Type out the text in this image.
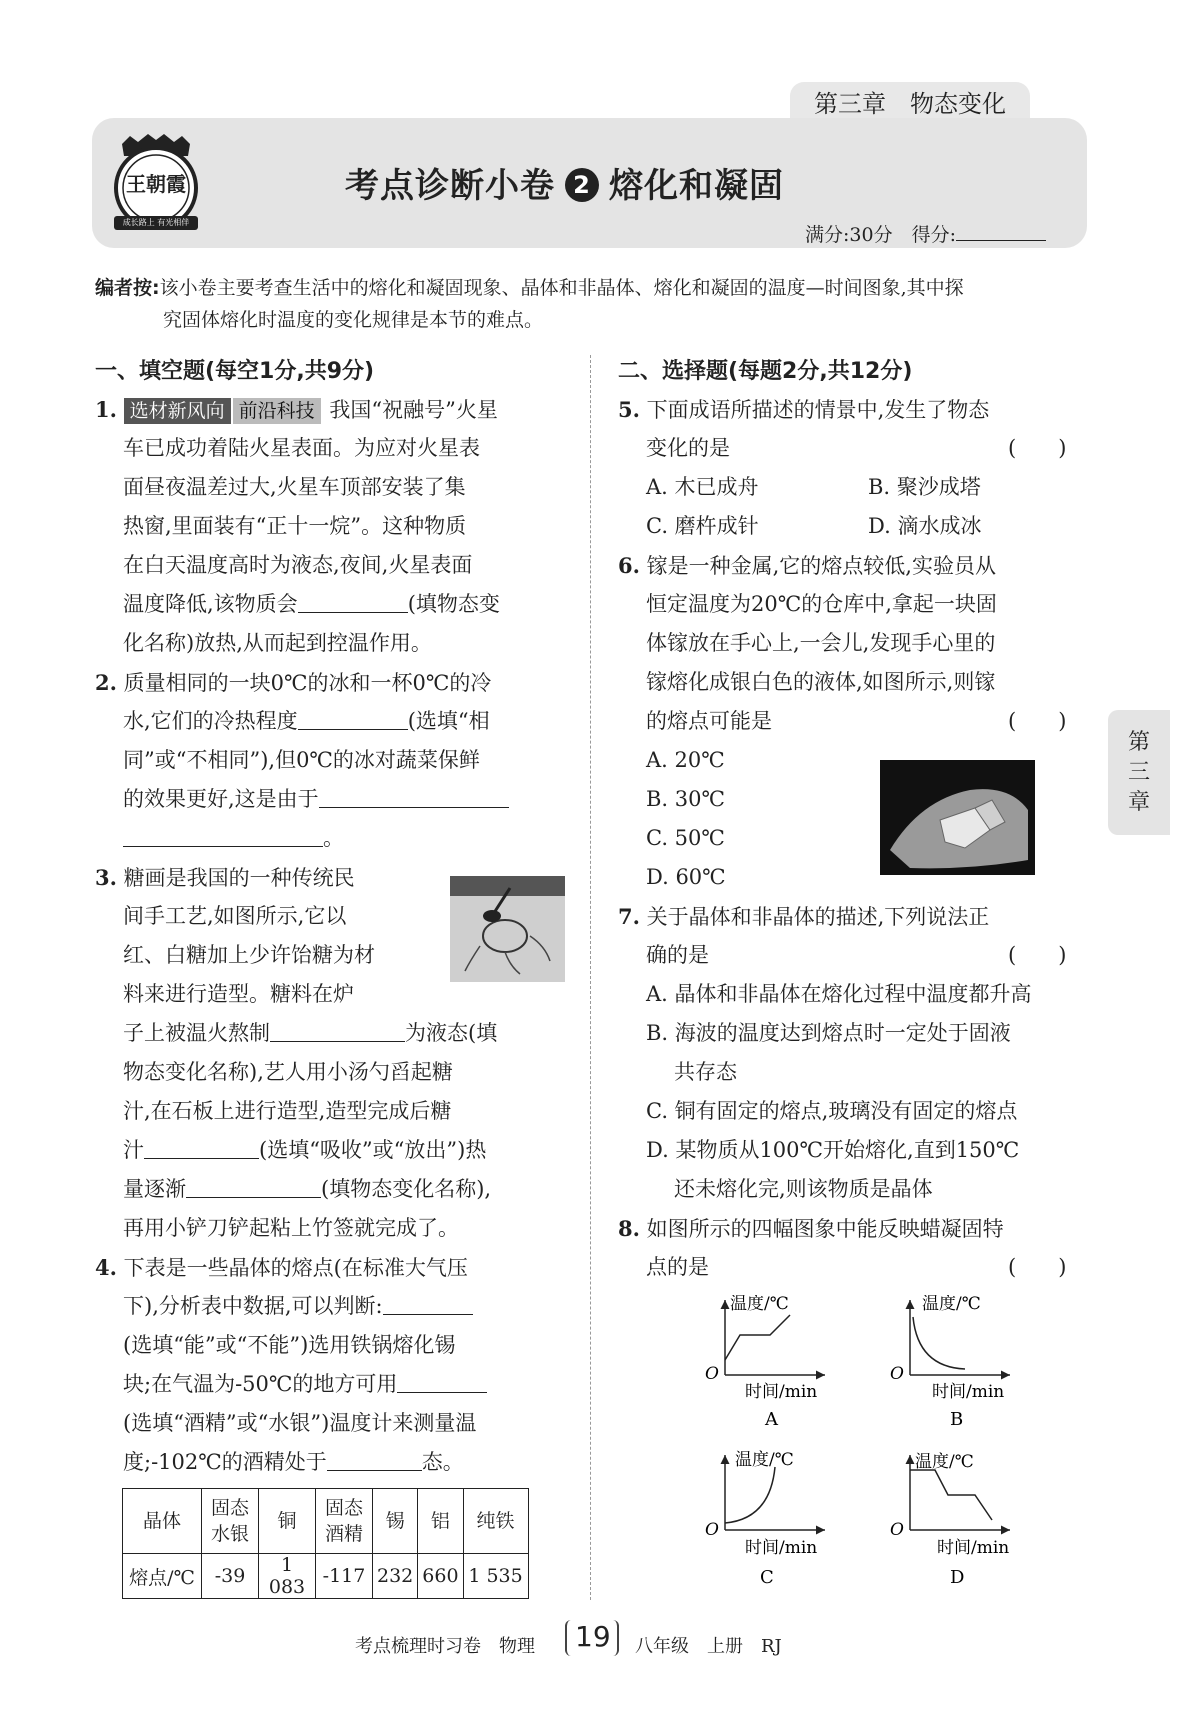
第三章　物态变化
王朝霞
成长路上 有光相伴
考点诊断小卷 2 熔化和凝固
满分:30分　 得分:
编者按:该小卷主要考查生活中的熔化和凝固现象、晶体和非晶体、熔化和凝固的温度—时间图象,其中探
究固体熔化时温度的变化规律是本节的难点。
一、填空题(每空1分,共9分)
1. 选材新风向 前沿科技 我国“祝融号”火星
车已成功着陆火星表面。为应对火星表
面昼夜温差过大,火星车顶部安装了集
热窗,里面装有“正十一烷”。这种物质
在白天温度高时为液态,夜间,火星表面
温度降低,该物质会	(填物态变
化名称)放热,从而起到控温作用。
2. 质量相同的一块0℃的冰和一杯0℃的冷
水,它们的冷热程度	(选填“相
同”或“不相同”),但0℃的冰对蔬菜保鲜
的效果更好,这是由于
。
3. 糖画是我国的一种传统民
间手工艺,如图所示,它以
红、白糖加上少许饴糖为材
料来进行造型。糖料在炉
子上被温火熬制	为液态(填
物态变化名称),艺人用小汤勺舀起糖
汁,在石板上进行造型,造型完成后糖
汁	(选填“吸收”或“放出”)热
量逐渐	(填物态变化名称),
再用小铲刀铲起粘上竹签就完成了。
4. 下表是一些晶体的熔点(在标准大气压
下),分析表中数据,可以判断:
(选填“能”或“不能”)选用铁锅熔化锡
块;在气温为-50℃的地方可用
(选填“酒精”或“水银”)温度计来测量温
度;-102℃的酒精处于	态。
晶体	固态水银	铜	固态酒精	锡	铝	纯铁
熔点/℃	-39	1 083	-117	232	660	1 535
二、选择题(每题2分,共12分)
5. 下面成语所描述的情景中,发生了物态
变化的是	(　　)
A. 木已成舟	B. 聚沙成塔
C. 磨杵成针	D. 滴水成冰
6. 镓是一种金属,它的熔点较低,实验员从
恒定温度为20℃的仓库中,拿起一块固
体镓放在手心上,一会儿,发现手心里的
镓熔化成银白色的液体,如图所示,则镓
的熔点可能是	(　　)
A. 20℃
B. 30℃
C. 50℃
D. 60℃
7. 关于晶体和非晶体的描述,下列说法正
确的是	(　　)
A. 晶体和非晶体在熔化过程中温度都升高
B. 海波的温度达到熔点时一定处于固液
共存态
C. 铜有固定的熔点,玻璃没有固定的熔点
D. 某物质从100℃开始熔化,直到150℃
还未熔化完,则该物质是晶体
8. 如图所示的四幅图象中能反映蜡凝固特
点的是	(　　)
温度/℃
O
时间/min
A
温度/℃
O
时间/min
B
温度/℃
O
时间/min
C
温度/℃
O
时间/min
D
第
三
章
考点梳理时习卷　物理 19 八年级　上册　RJ
